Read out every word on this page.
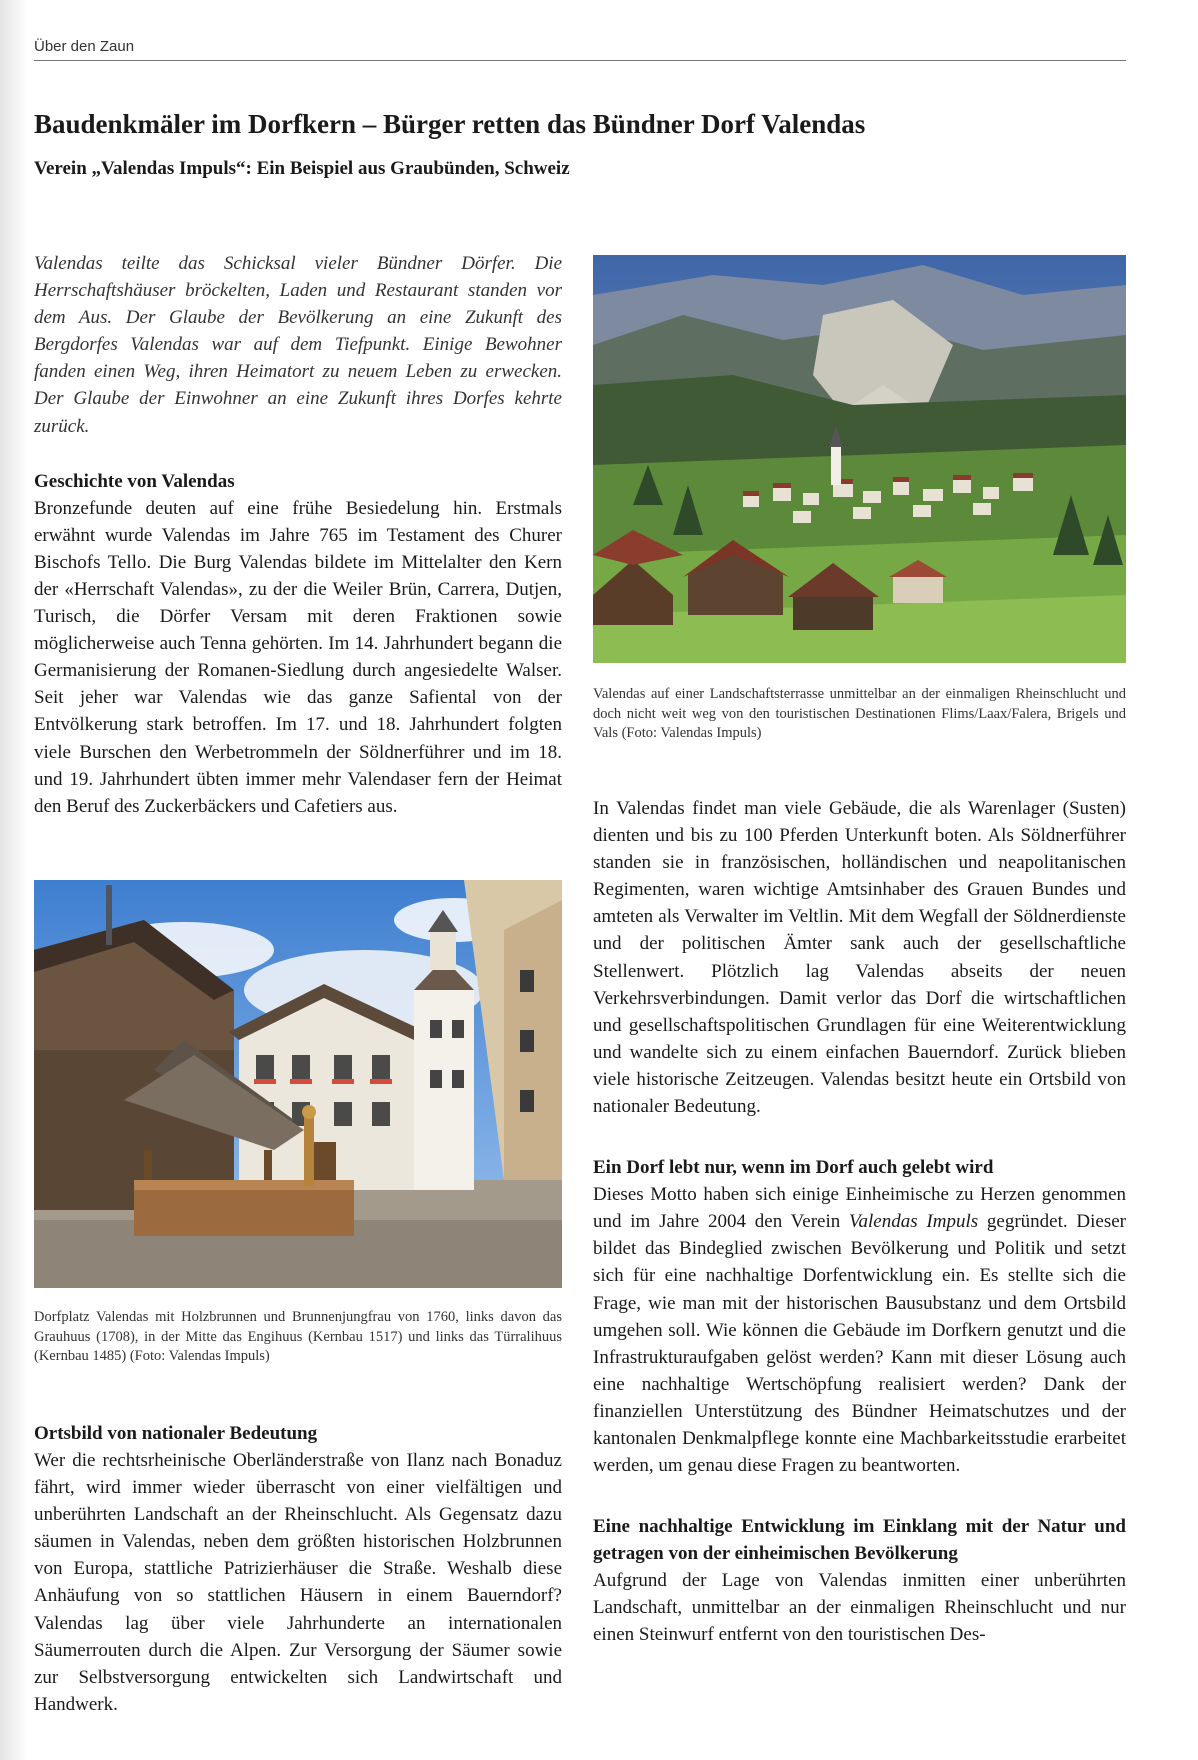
Über den Zaun
Baudenkmäler im Dorfkern – Bürger retten das Bündner Dorf Valendas
Verein „Valendas Impuls“: Ein Beispiel aus Graubünden, Schweiz

Valendas teilte das Schicksal vieler Bündner Dörfer. Die Herrschaftshäuser bröckelten, Laden und Restaurant standen vor dem Aus. Der Glaube der Bevölkerung an eine Zukunft des Bergdorfes Valendas war auf dem Tiefpunkt. Einige Bewohner fanden einen Weg, ihren Heimatort zu neuem Leben zu erwecken. Der Glaube der Einwohner an eine Zukunft ihres Dorfes kehrte zurück.

Geschichte von Valendas

Bronzefunde deuten auf eine frühe Besiedelung hin. Erstmals erwähnt wurde Valendas im Jahre 765 im Testament des Churer Bischofs Tello. Die Burg Valendas bildete im Mittelalter den Kern der «Herrschaft Valendas», zu der die Weiler Brün, Carrera, Dutjen, Turisch, die Dörfer Versam mit deren Fraktionen sowie möglicherweise auch Tenna gehörten. Im 14. Jahrhundert begann die Germanisierung der Romanen-Siedlung durch angesiedelte Walser. Seit jeher war Valendas wie das ganze Safiental von der Entvölkerung stark betroffen. Im 17. und 18. Jahrhundert folgten viele Burschen den Werbetrommeln der Söldnerführer und im 18. und 19. Jahrhundert übten immer mehr Valendaser fern der Heimat den Beruf des Zuckerbäckers und Cafetiers aus.

Dorfplatz Valendas mit Holzbrunnen und Brunnenjungfrau von 1760, links davon das Grauhuus (1708), in der Mitte das Engihuus (Kernbau 1517) und links das Türralihuus (Kernbau 1485) (Foto: Valendas Impuls)
Ortsbild von nationaler Bedeutung

Wer die rechtsrheinische Oberländerstraße von Ilanz nach Bonaduz fährt, wird immer wieder überrascht von einer vielfältigen und unberührten Landschaft an der Rheinschlucht. Als Gegensatz dazu säumen in Valendas, neben dem größten historischen Holzbrunnen von Europa, stattliche Patrizierhäuser die Straße. Weshalb diese Anhäufung von so stattlichen Häusern in einem Bauerndorf? Valendas lag über viele Jahrhunderte an internationalen Säumerrouten durch die Alpen. Zur Versorgung der Säumer sowie zur Selbstversorgung entwickelten sich Landwirtschaft und Handwerk.

Valendas auf einer Landschaftsterrasse unmittelbar an der einmaligen Rheinschlucht und doch nicht weit weg von den touristischen Destinationen Flims/Laax/Falera, Brigels und Vals (Foto: Valendas Impuls)

In Valendas findet man viele Gebäude, die als Warenlager (Susten) dienten und bis zu 100 Pferden Unterkunft boten. Als Söldnerführer standen sie in französischen, holländischen und neapolitanischen Regimenten, waren wichtige Amtsinhaber des Grauen Bundes und amteten als Verwalter im Veltlin. Mit dem Wegfall der Söldnerdienste und der politischen Ämter sank auch der gesellschaftliche Stellenwert. Plötzlich lag Valendas abseits der neuen Verkehrsverbindungen. Damit verlor das Dorf die wirtschaftlichen und gesellschaftspolitischen Grundlagen für eine Weiterentwicklung und wandelte sich zu einem einfachen Bauerndorf. Zurück blieben viele historische Zeitzeugen. Valendas besitzt heute ein Ortsbild von nationaler Bedeutung.

Ein Dorf lebt nur, wenn im Dorf auch gelebt wird

Dieses Motto haben sich einige Einheimische zu Herzen genommen und im Jahre 2004 den Verein Valendas Impuls gegründet. Dieser bildet das Bindeglied zwischen Bevölkerung und Politik und setzt sich für eine nachhaltige Dorfentwicklung ein. Es stellte sich die Frage, wie man mit der historischen Bausubstanz und dem Ortsbild umgehen soll. Wie können die Gebäude im Dorfkern genutzt und die Infrastrukturaufgaben gelöst werden? Kann mit dieser Lösung auch eine nachhaltige Wertschöpfung realisiert werden? Dank der finanziellen Unterstützung des Bündner Heimatschutzes und der kantonalen Denkmalpflege konnte eine Machbarkeitsstudie erarbeitet werden, um genau diese Fragen zu beantworten.

Eine nachhaltige Entwicklung im Einklang mit der Natur und getragen von der einheimischen Bevölkerung

Aufgrund der Lage von Valendas inmitten einer unberührten Landschaft, unmittelbar an der einmaligen Rheinschlucht und nur einen Steinwurf entfernt von den touristischen Des-
